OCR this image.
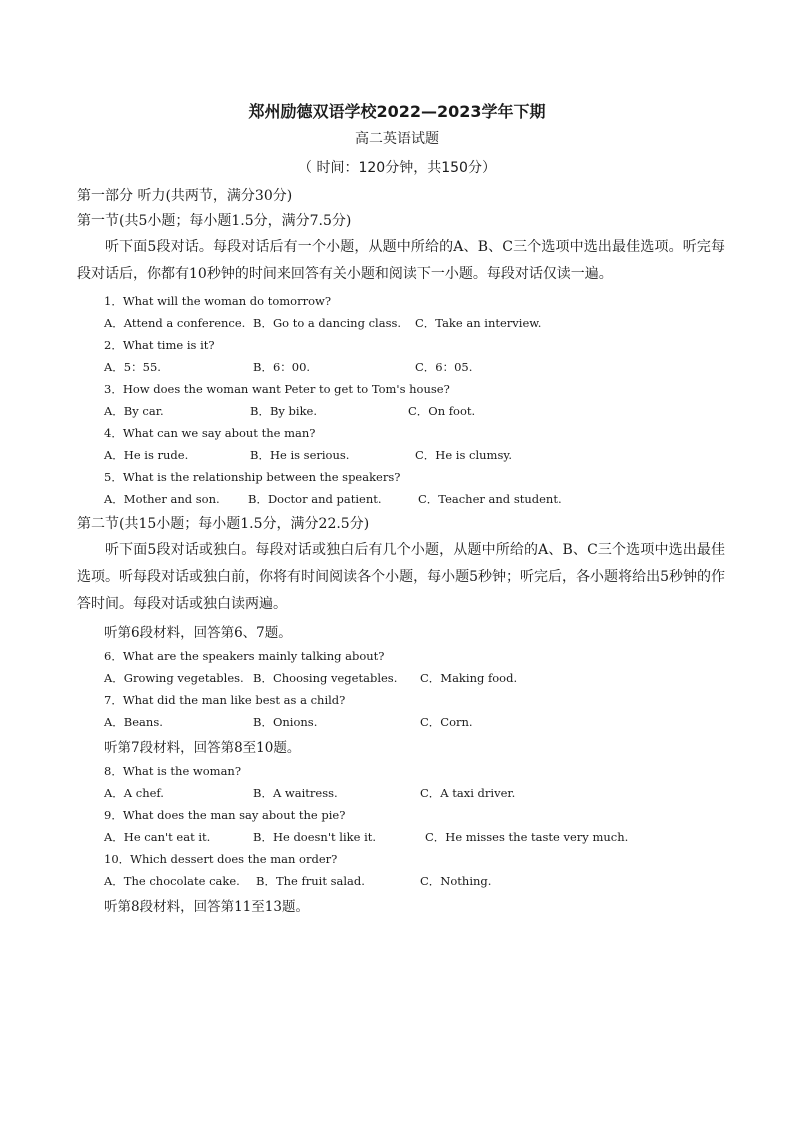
郑州励德双语学校2022—2023学年下期
高二英语试题
（ 时间：120分钟，共150分）
第一部分 听力(共两节，满分30分)
第一节(共5小题；每小题1.5分，满分7.5分)
听下面5段对话。每段对话后有一个小题，从题中所给的A、B、C三个选项中选出最佳选项。听完每段对话后，你都有10秒钟的时间来回答有关小题和阅读下一小题。每段对话仅读一遍。
1．What will the woman do tomorrow?
A．Attend a conference. B．Go to a dancing class. C．Take an interview.
2．What time is it?
A．5：55.	B．6：00.	C．6：05.
3．How does the woman want Peter to get to Tom's house?
A．By car.	B．By bike.	C．On foot.
4．What can we say about the man?
A．He is rude.	B．He is serious.	C．He is clumsy.
5．What is the relationship between the speakers?
A．Mother and son. B．Doctor and patient.	C．Teacher and student.
第二节(共15小题；每小题1.5分，满分22.5分)
听下面5段对话或独白。每段对话或独白后有几个小题，从题中所给的A、B、C三个选项中选出最佳选项。听每段对话或独白前，你将有时间阅读各个小题，每小题5秒钟；听完后，各小题将给出5秒钟的作答时间。每段对话或独白读两遍。
听第6段材料，回答第6、7题。
6．What are the speakers mainly talking about?
A．Growing vegetables. B．Choosing vegetables. C．Making food.
7．What did the man like best as a child?
A．Beans.	B．Onions.	C．Corn.
听第7段材料，回答第8至10题。
8．What is the woman?
A．A chef.	B．A waitress.	C．A taxi driver.
9．What does the man say about the pie?
A．He can't eat it.	B．He doesn't like it.	C．He misses the taste very much.
10．Which dessert does the man order?
A．The chocolate cake. B．The fruit salad.	C．Nothing.
听第8段材料，回答第11至13题。
